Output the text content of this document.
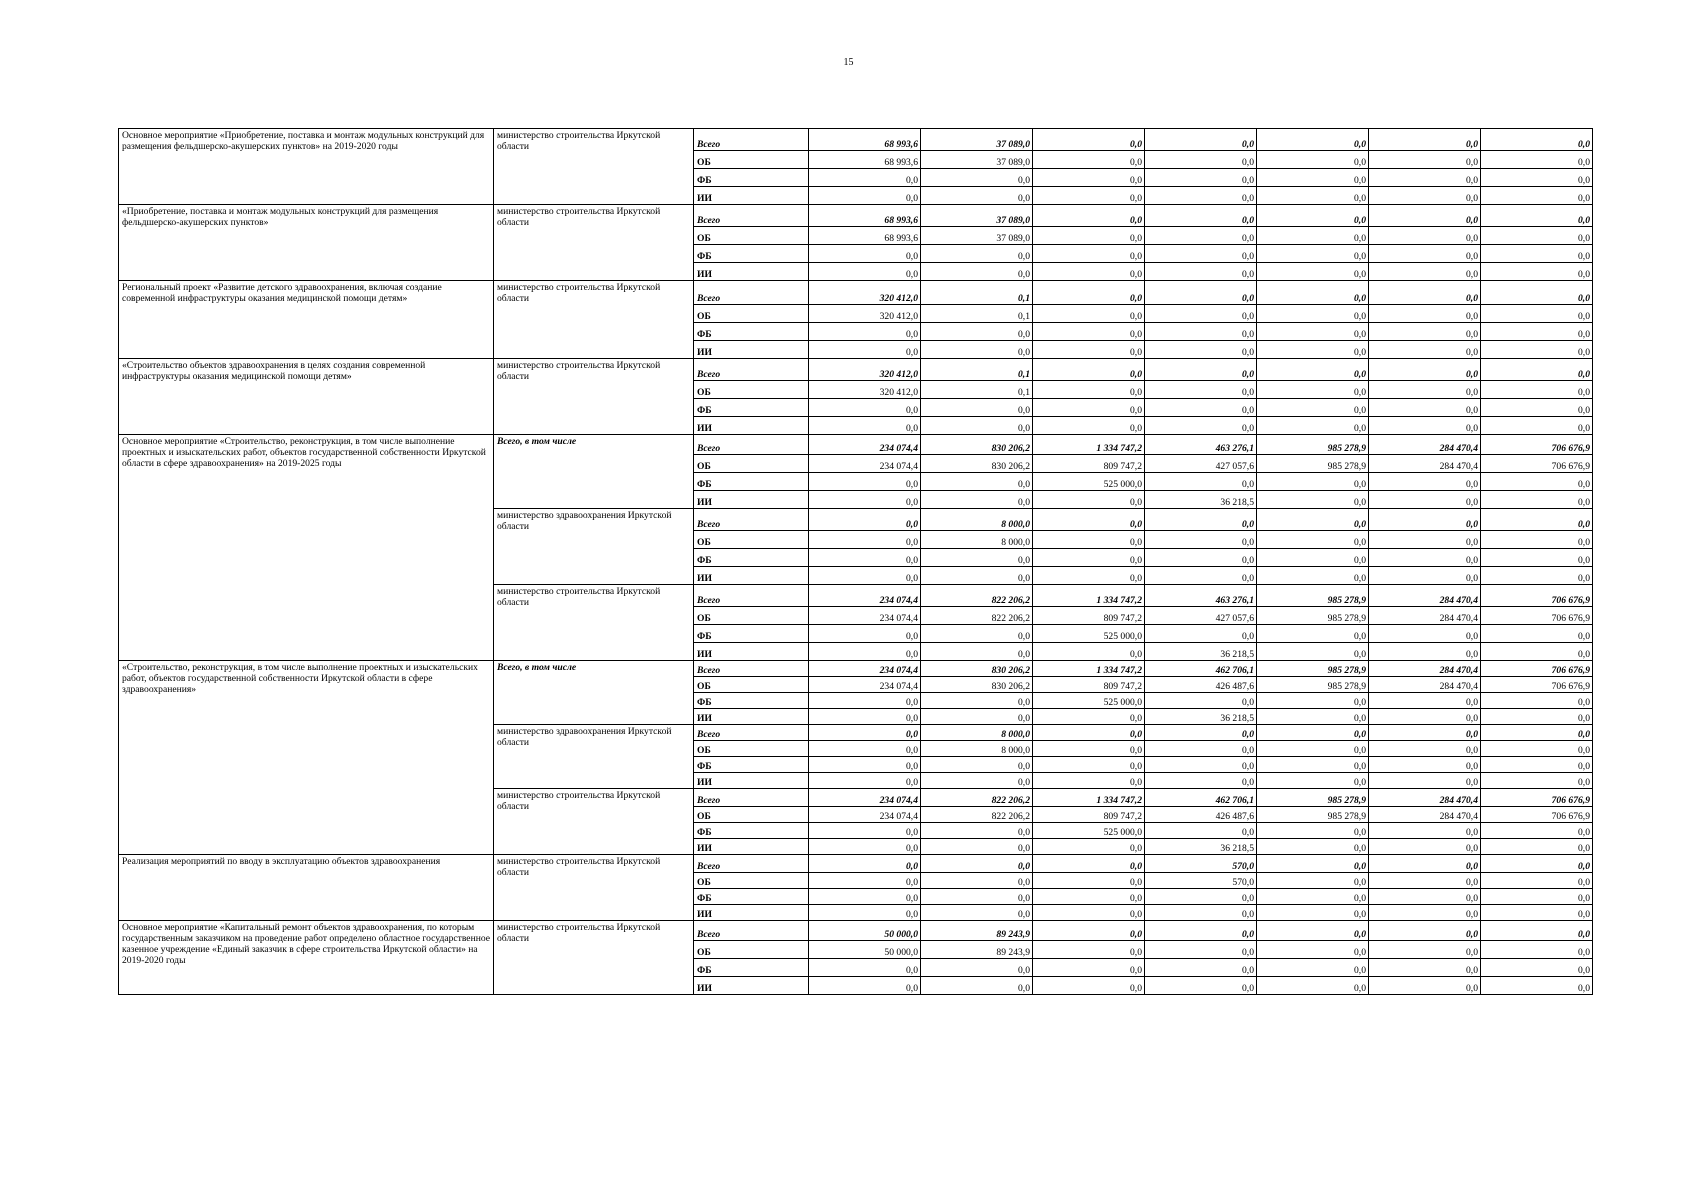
15
Основное мероприятие «Приобретение, поставка и монтаж модульных конструкций для размещения фельдшерско-акушерских пунктов» на 2019-2020 годы	министерство строительства Иркутской области	Всего	68 993,6	37 089,0	0,0	0,0	0,0	0,0	0,0
		ОБ	68 993,6	37 089,0	0,0	0,0	0,0	0,0	0,0
		ФБ	0,0	0,0	0,0	0,0	0,0	0,0	0,0
		ИИ	0,0	0,0	0,0	0,0	0,0	0,0	0,0
«Приобретение, поставка и монтаж модульных конструкций для размещения фельдшерско-акушерских пунктов»	министерство строительства Иркутской области	Всего	68 993,6	37 089,0	0,0	0,0	0,0	0,0	0,0
		ОБ	68 993,6	37 089,0	0,0	0,0	0,0	0,0	0,0
		ФБ	0,0	0,0	0,0	0,0	0,0	0,0	0,0
		ИИ	0,0	0,0	0,0	0,0	0,0	0,0	0,0
Региональный проект «Развитие детского здравоохранения, включая создание современной инфраструктуры оказания медицинской помощи детям»	министерство строительства Иркутской области	Всего	320 412,0	0,1	0,0	0,0	0,0	0,0	0,0
		ОБ	320 412,0	0,1	0,0	0,0	0,0	0,0	0,0
		ФБ	0,0	0,0	0,0	0,0	0,0	0,0	0,0
		ИИ	0,0	0,0	0,0	0,0	0,0	0,0	0,0
«Строительство объектов здравоохранения в целях создания современной инфраструктуры оказания медицинской помощи детям»	министерство строительства Иркутской области	Всего	320 412,0	0,1	0,0	0,0	0,0	0,0	0,0
		ОБ	320 412,0	0,1	0,0	0,0	0,0	0,0	0,0
		ФБ	0,0	0,0	0,0	0,0	0,0	0,0	0,0
		ИИ	0,0	0,0	0,0	0,0	0,0	0,0	0,0
Основное мероприятие «Строительство, реконструкция, в том числе выполнение проектных и изыскательских работ, объектов государственной собственности Иркутской области в сфере здравоохранения» на 2019-2025 годы	Всего, в том числе	Всего	234 074,4	830 206,2	1 334 747,2	463 276,1	985 278,9	284 470,4	706 676,9
		ОБ	234 074,4	830 206,2	809 747,2	427 057,6	985 278,9	284 470,4	706 676,9
		ФБ	0,0	0,0	525 000,0	0,0	0,0	0,0	0,0
		ИИ	0,0	0,0	0,0	36 218,5	0,0	0,0	0,0
	министерство здравоохранения Иркутской области	Всего	0,0	8 000,0	0,0	0,0	0,0	0,0	0,0
		ОБ	0,0	8 000,0	0,0	0,0	0,0	0,0	0,0
		ФБ	0,0	0,0	0,0	0,0	0,0	0,0	0,0
		ИИ	0,0	0,0	0,0	0,0	0,0	0,0	0,0
	министерство строительства Иркутской области	Всего	234 074,4	822 206,2	1 334 747,2	463 276,1	985 278,9	284 470,4	706 676,9
		ОБ	234 074,4	822 206,2	809 747,2	427 057,6	985 278,9	284 470,4	706 676,9
		ФБ	0,0	0,0	525 000,0	0,0	0,0	0,0	0,0
		ИИ	0,0	0,0	0,0	36 218,5	0,0	0,0	0,0
«Строительство, реконструкция, в том числе выполнение проектных и изыскательских работ, объектов государственной собственности Иркутской области в сфере здравоохранения»	Всего, в том числе	Всего	234 074,4	830 206,2	1 334 747,2	462 706,1	985 278,9	284 470,4	706 676,9
		ОБ	234 074,4	830 206,2	809 747,2	426 487,6	985 278,9	284 470,4	706 676,9
		ФБ	0,0	0,0	525 000,0	0,0	0,0	0,0	0,0
		ИИ	0,0	0,0	0,0	36 218,5	0,0	0,0	0,0
	министерство здравоохранения Иркутской области	Всего	0,0	8 000,0	0,0	0,0	0,0	0,0	0,0
		ОБ	0,0	8 000,0	0,0	0,0	0,0	0,0	0,0
		ФБ	0,0	0,0	0,0	0,0	0,0	0,0	0,0
		ИИ	0,0	0,0	0,0	0,0	0,0	0,0	0,0
	министерство строительства Иркутской области	Всего	234 074,4	822 206,2	1 334 747,2	462 706,1	985 278,9	284 470,4	706 676,9
		ОБ	234 074,4	822 206,2	809 747,2	426 487,6	985 278,9	284 470,4	706 676,9
		ФБ	0,0	0,0	525 000,0	0,0	0,0	0,0	0,0
		ИИ	0,0	0,0	0,0	36 218,5	0,0	0,0	0,0
Реализация мероприятий по вводу в эксплуатацию объектов здравоохранения	министерство строительства Иркутской области	Всего	0,0	0,0	0,0	570,0	0,0	0,0	0,0
		ОБ	0,0	0,0	0,0	570,0	0,0	0,0	0,0
		ФБ	0,0	0,0	0,0	0,0	0,0	0,0	0,0
		ИИ	0,0	0,0	0,0	0,0	0,0	0,0	0,0
Основное мероприятие «Капитальный ремонт объектов здравоохранения, по которым государственным заказчиком на проведение работ определено областное государственное казенное учреждение «Единый заказчик в сфере строительства Иркутской области» на 2019-2020 годы	министерство строительства Иркутской области	Всего	50 000,0	89 243,9	0,0	0,0	0,0	0,0	0,0
		ОБ	50 000,0	89 243,9	0,0	0,0	0,0	0,0	0,0
		ФБ	0,0	0,0	0,0	0,0	0,0	0,0	0,0
		ИИ	0,0	0,0	0,0	0,0	0,0	0,0	0,0
